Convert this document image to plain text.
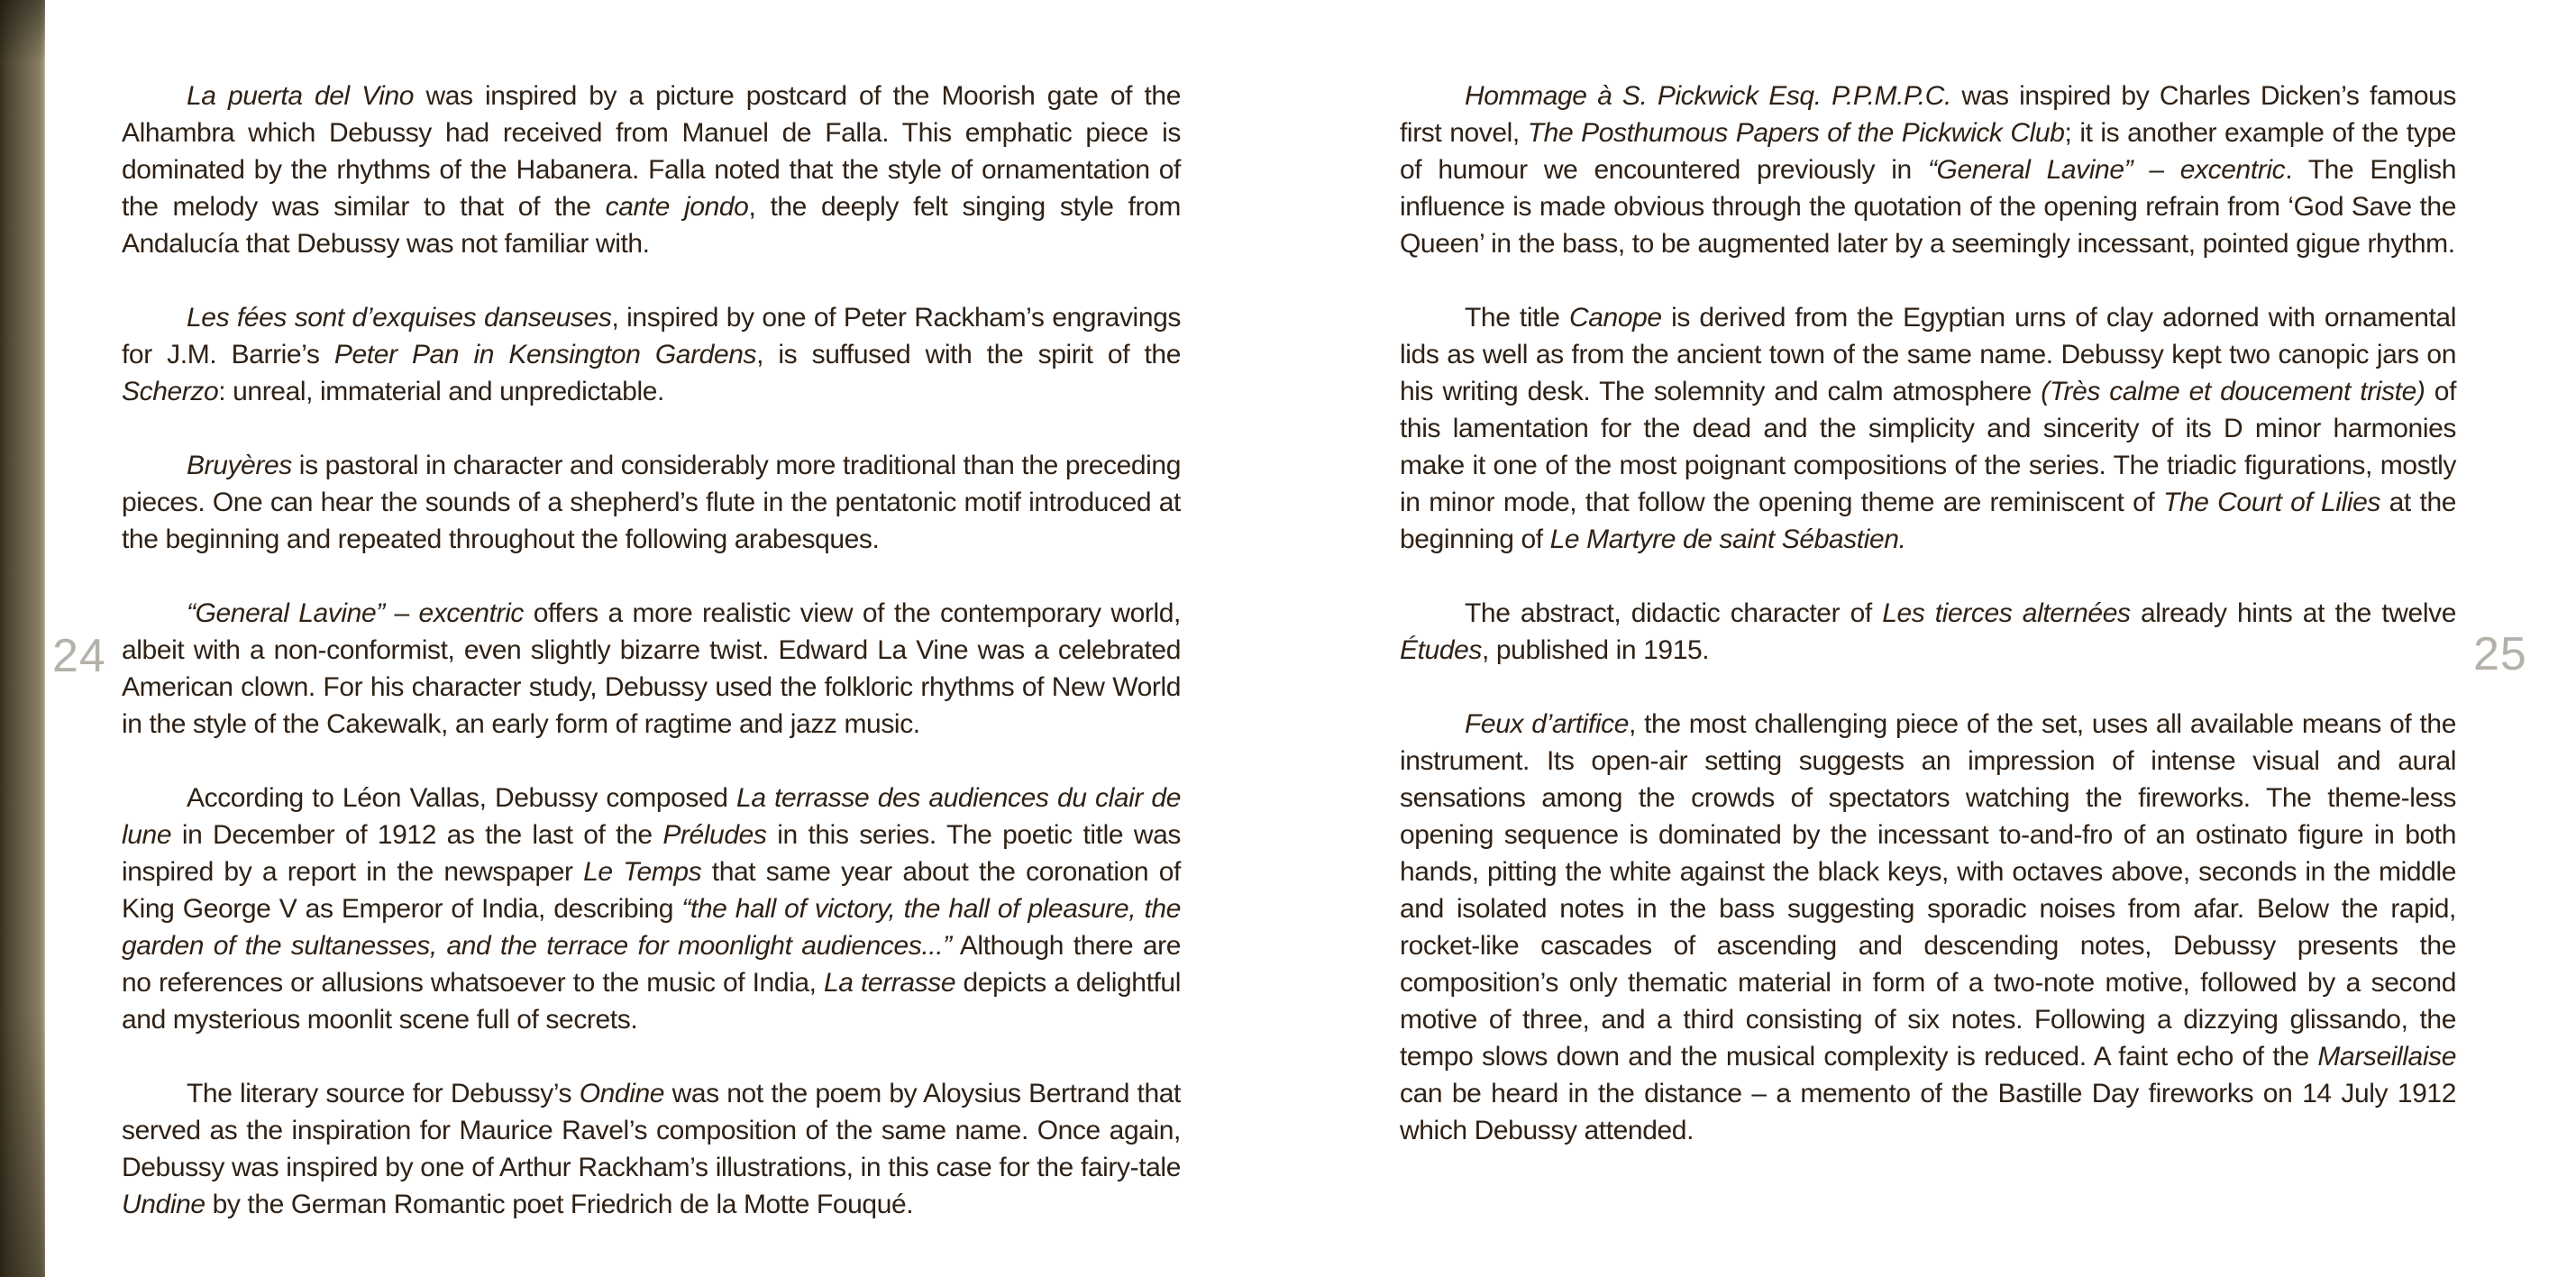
24	25

La puerta del Vino was inspired by a picture postcard of the Moorish gate of the Alhambra which Debussy had received from Manuel de Falla. This emphatic piece is dominated by the rhythms of the Habanera. Falla noted that the style of ornamentation of the melody was similar to that of the cante jondo, the deeply felt singing style from Andalucía that Debussy was not familiar with.

Les fées sont d’exquises danseuses, inspired by one of Peter Rackham’s engravings for J.M. Barrie’s Peter Pan in Kensington Gardens, is suffused with the spirit of the Scherzo: unreal, immaterial and unpredictable.

Bruyères is pastoral in character and considerably more traditional than the preceding pieces. One can hear the sounds of a shepherd’s flute in the pentatonic motif introduced at the beginning and repeated throughout the following arabesques.

“General Lavine” – excentric offers a more realistic view of the contemporary world, albeit with a non-conformist, even slightly bizarre twist. Edward La Vine was a celebrated American clown. For his character study, Debussy used the folkloric rhythms of New World in the style of the Cakewalk, an early form of ragtime and jazz music.

According to Léon Vallas, Debussy composed La terrasse des audiences du clair de lune in December of 1912 as the last of the Préludes in this series. The poetic title was inspired by a report in the newspaper Le Temps that same year about the coronation of King George V as Emperor of India, describing “the hall of victory, the hall of pleasure, the garden of the sultanesses, and the terrace for moonlight audiences...” Although there are no references or allusions whatsoever to the music of India, La terrasse depicts a delightful and mysterious moonlit scene full of secrets.

The literary source for Debussy’s Ondine was not the poem by Aloysius Bertrand that served as the inspiration for Maurice Ravel’s composition of the same name. Once again, Debussy was inspired by one of Arthur Rackham’s illustrations, in this case for the fairy-tale Undine by the German Romantic poet Friedrich de la Motte Fouqué.

Hommage à S. Pickwick Esq. P.P.M.P.C. was inspired by Charles Dicken’s famous first novel, The Posthumous Papers of the Pickwick Club; it is another example of the type of humour we encountered previously in “General Lavine” – excentric. The English influence is made obvious through the quotation of the opening refrain from ‘God Save the Queen’ in the bass, to be augmented later by a seemingly incessant, pointed gigue rhythm.

The title Canope is derived from the Egyptian urns of clay adorned with ornamental lids as well as from the ancient town of the same name. Debussy kept two canopic jars on his writing desk. The solemnity and calm atmosphere (Très calme et doucement triste) of this lamentation for the dead and the simplicity and sincerity of its D minor harmonies make it one of the most poignant compositions of the series. The triadic figurations, mostly in minor mode, that follow the opening theme are reminiscent of The Court of Lilies at the beginning of Le Martyre de saint Sébastien.

The abstract, didactic character of Les tierces alternées already hints at the twelve Études, published in 1915.

Feux d’artifice, the most challenging piece of the set, uses all available means of the instrument. Its open-air setting suggests an impression of intense visual and aural sensations among the crowds of spectators watching the fireworks. The theme-less opening sequence is dominated by the incessant to-and-fro of an ostinato figure in both hands, pitting the white against the black keys, with octaves above, seconds in the middle and isolated notes in the bass suggesting sporadic noises from afar. Below the rapid, rocket-like cascades of ascending and descending notes, Debussy presents the composition’s only thematic material in form of a two-note motive, followed by a second motive of three, and a third consisting of six notes. Following a dizzying glissando, the tempo slows down and the musical complexity is reduced. A faint echo of the Marseillaise can be heard in the distance – a memento of the Bastille Day fireworks on 14 July 1912 which Debussy attended.
